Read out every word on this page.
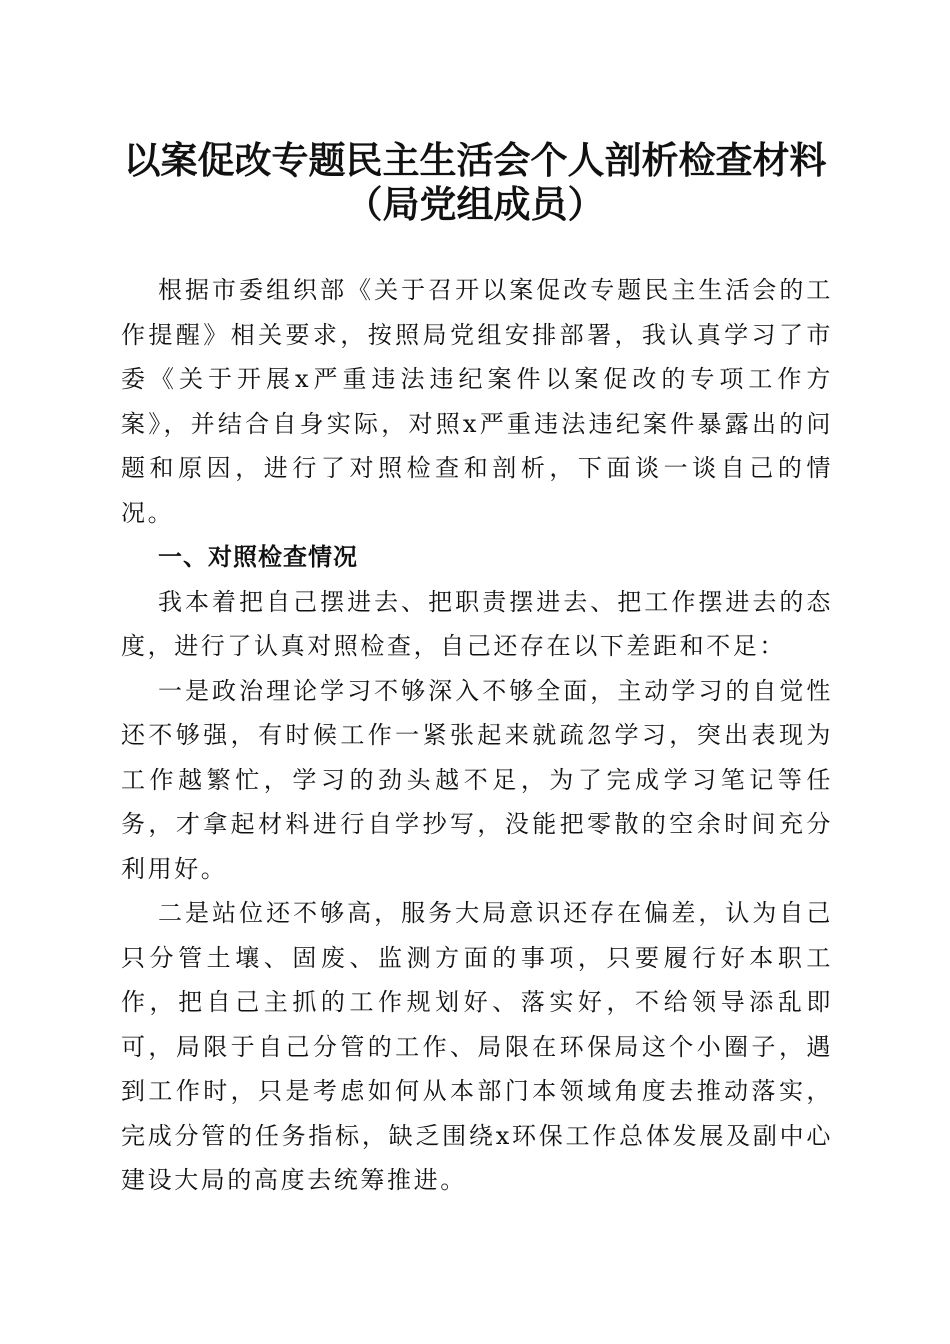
以案促改专题民主生活会个人剖析检查材料
（局党组成员）

根据市委组织部《关于召开以案促改专题民主生活会的工作提醒》相关要求，按照局党组安排部署，我认真学习了市委《关于开展x严重违法违纪案件以案促改的专项工作方案》，并结合自身实际，对照x严重违法违纪案件暴露出的问题和原因，进行了对照检查和剖析，下面谈一谈自己的情况。

一、对照检查情况

我本着把自己摆进去、把职责摆进去、把工作摆进去的态度，进行了认真对照检查，自己还存在以下差距和不足：

一是政治理论学习不够深入不够全面，主动学习的自觉性还不够强，有时候工作一紧张起来就疏忽学习，突出表现为工作越繁忙，学习的劲头越不足，为了完成学习笔记等任务，才拿起材料进行自学抄写，没能把零散的空余时间充分利用好。

二是站位还不够高，服务大局意识还存在偏差，认为自己只分管土壤、固废、监测方面的事项，只要履行好本职工作，把自己主抓的工作规划好、落实好，不给领导添乱即可，局限于自己分管的工作、局限在环保局这个小圈子，遇到工作时，只是考虑如何从本部门本领域角度去推动落实，完成分管的任务指标，缺乏围绕x环保工作总体发展及副中心建设大局的高度去统筹推进。
